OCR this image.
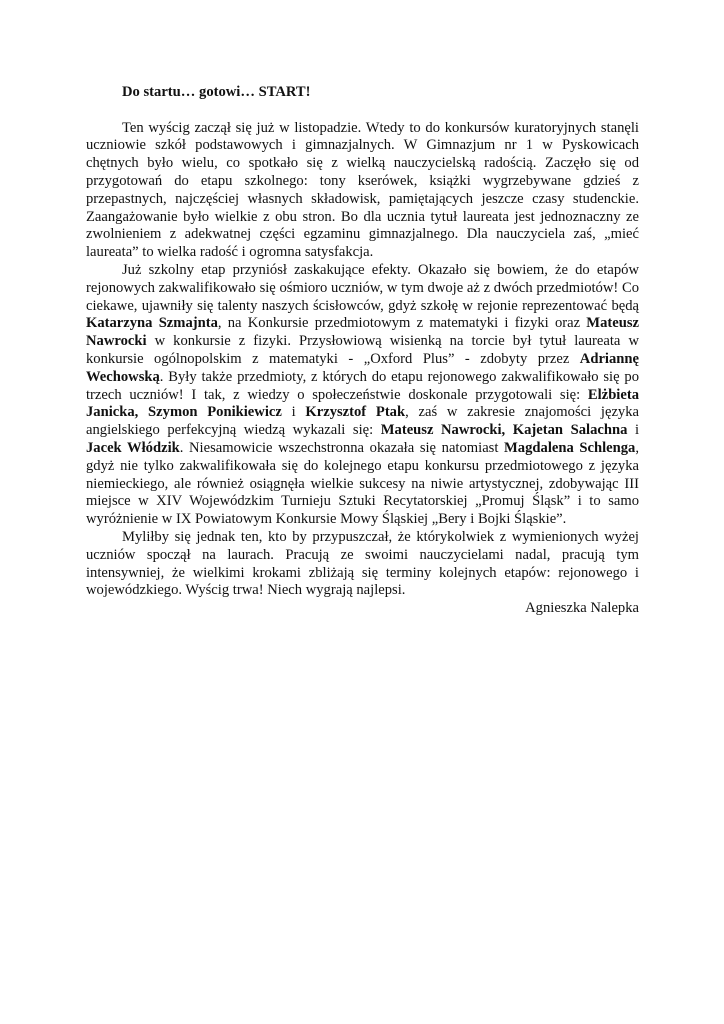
Do startu… gotowi… START!

Ten wyścig zaczął się już w listopadzie. Wtedy to do konkursów kuratoryjnych stanęli uczniowie szkół podstawowych i gimnazjalnych. W Gimnazjum nr 1 w Pyskowicach chętnych było wielu, co spotkało się z wielką nauczycielską radością. Zaczęło się od przygotowań do etapu szkolnego: tony kserówek, książki wygrzebywane gdzieś z przepastnych, najczęściej własnych składowisk, pamiętających jeszcze czasy studenckie. Zaangażowanie było wielkie z obu stron. Bo dla ucznia tytuł laureata jest jednoznaczny ze zwolnieniem z adekwatnej części egzaminu gimnazjalnego. Dla nauczyciela zaś, „mieć laureata” to wielka radość i ogromna satysfakcja.

Już szkolny etap przyniósł zaskakujące efekty. Okazało się bowiem, że do etapów rejonowych zakwalifikowało się ośmioro uczniów, w tym dwoje aż z dwóch przedmiotów! Co ciekawe, ujawniły się talenty naszych ścisłowców, gdyż szkołę w rejonie reprezentować będą Katarzyna Szmajnta, na Konkursie przedmiotowym z matematyki i fizyki oraz Mateusz Nawrocki w konkursie z fizyki. Przysłowiową wisienką na torcie był tytuł laureata w konkursie ogólnopolskim z matematyki - „Oxford Plus” - zdobyty przez Adriannę Wechowską. Były także przedmioty, z których do etapu rejonowego zakwalifikowało się po trzech uczniów! I tak, z wiedzy o społeczeństwie doskonale przygotowali się: Elżbieta Janicka, Szymon Ponikiewicz i Krzysztof Ptak, zaś w zakresie znajomości języka angielskiego perfekcyjną wiedzą wykazali się: Mateusz Nawrocki, Kajetan Salachna i Jacek Włódzik. Niesamowicie wszechstronna okazała się natomiast Magdalena Schlenga, gdyż nie tylko zakwalifikowała się do kolejnego etapu konkursu przedmiotowego z języka niemieckiego, ale również osiągnęła wielkie sukcesy na niwie artystycznej, zdobywając III miejsce w XIV Wojewódzkim Turnieju Sztuki Recytatorskiej „Promuj Śląsk” i to samo wyróżnienie w IX Powiatowym Konkursie Mowy Śląskiej „Bery i Bojki Śląskie”.

Myliłby się jednak ten, kto by przypuszczał, że którykolwiek z wymienionych wyżej uczniów spoczął na laurach. Pracują ze swoimi nauczycielami nadal, pracują tym intensywniej, że wielkimi krokami zbliżają się terminy kolejnych etapów: rejonowego i wojewódzkiego. Wyścig trwa! Niech wygrają najlepsi.

Agnieszka Nalepka
